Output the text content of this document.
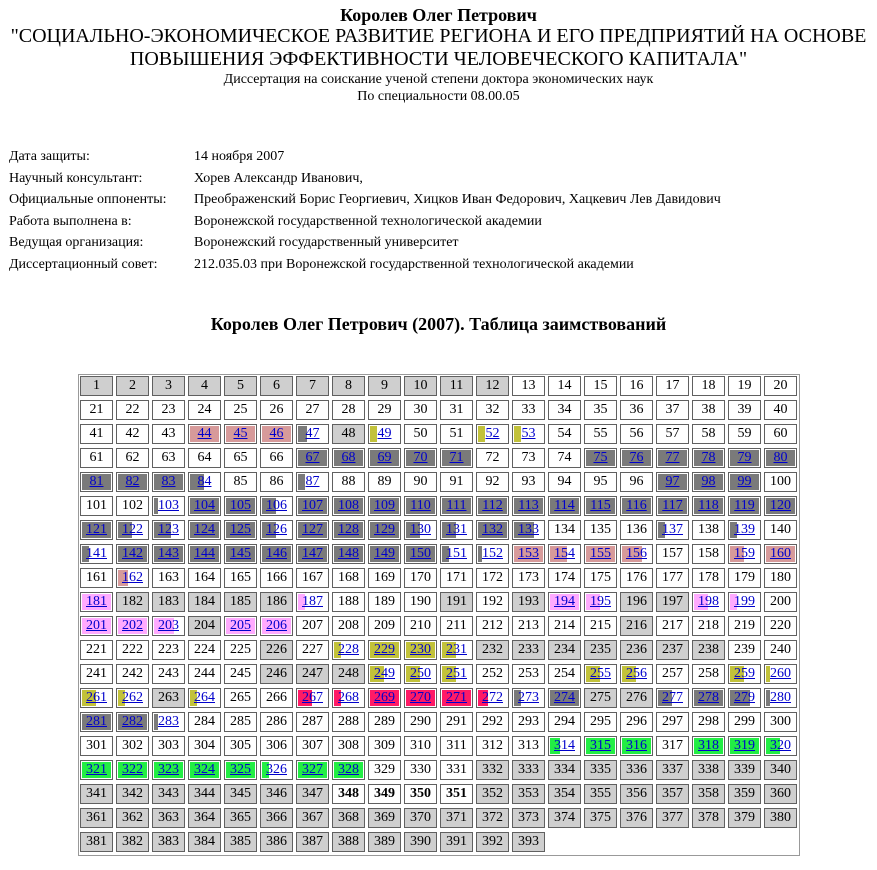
Королев Олег Петрович
"СОЦИАЛЬНО-ЭКОНОМИЧЕСКОЕ РАЗВИТИЕ РЕГИОНА И ЕГО ПРЕДПРИЯТИЙ НА ОСНОВЕ
ПОВЫШЕНИЯ ЭФФЕКТИВНОСТИ ЧЕЛОВЕЧЕСКОГО КАПИТАЛА"
Диссертация на соискание ученой степени доктора экономических наук
По специальности 08.00.05
Дата защиты:	14 ноября 2007
Научный консультант:	Хорев Александр Иванович,
Официальные оппоненты:	Преображенский Борис Георгиевич, Хицков Иван Федорович, Хацкевич Лев Давидович
Работа выполнена в:	Воронежской государственной технологической академии
Ведущая организация:	Воронежский государственный университет
Диссертационный совет:	212.035.03 при Воронежской государственной технологической академии
Королев Олег Петрович (2007). Таблица заимствований
1	2	3	4	5	6	7	8	9	10	11	12	13	14	15	16	17	18	19	20
21	22	23	24	25	26	27	28	29	30	31	32	33	34	35	36	37	38	39	40
41	42	43	44	45	46	47	48	49	50	51	52	53	54	55	56	57	58	59	60
61	62	63	64	65	66	67	68	69	70	71	72	73	74	75	76	77	78	79	80
81	82	83	84	85	86	87	88	89	90	91	92	93	94	95	96	97	98	99	100
101	102	103	104	105	106	107	108	109	110	111	112	113	114	115	116	117	118	119	120
121	122	123	124	125	126	127	128	129	130	131	132	133	134	135	136	137	138	139	140
141	142	143	144	145	146	147	148	149	150	151	152	153	154	155	156	157	158	159	160
161	162	163	164	165	166	167	168	169	170	171	172	173	174	175	176	177	178	179	180
181	182	183	184	185	186	187	188	189	190	191	192	193	194	195	196	197	198	199	200
201	202	203	204	205	206	207	208	209	210	211	212	213	214	215	216	217	218	219	220
221	222	223	224	225	226	227	228	229	230	231	232	233	234	235	236	237	238	239	240
241	242	243	244	245	246	247	248	249	250	251	252	253	254	255	256	257	258	259	260
261	262	263	264	265	266	267	268	269	270	271	272	273	274	275	276	277	278	279	280
281	282	283	284	285	286	287	288	289	290	291	292	293	294	295	296	297	298	299	300
301	302	303	304	305	306	307	308	309	310	311	312	313	314	315	316	317	318	319	320
321	322	323	324	325	326	327	328	329	330	331	332	333	334	335	336	337	338	339	340
341	342	343	344	345	346	347	348	349	350	351	352	353	354	355	356	357	358	359	360
361	362	363	364	365	366	367	368	369	370	371	372	373	374	375	376	377	378	379	380
381	382	383	384	385	386	387	388	389	390	391	392	393
